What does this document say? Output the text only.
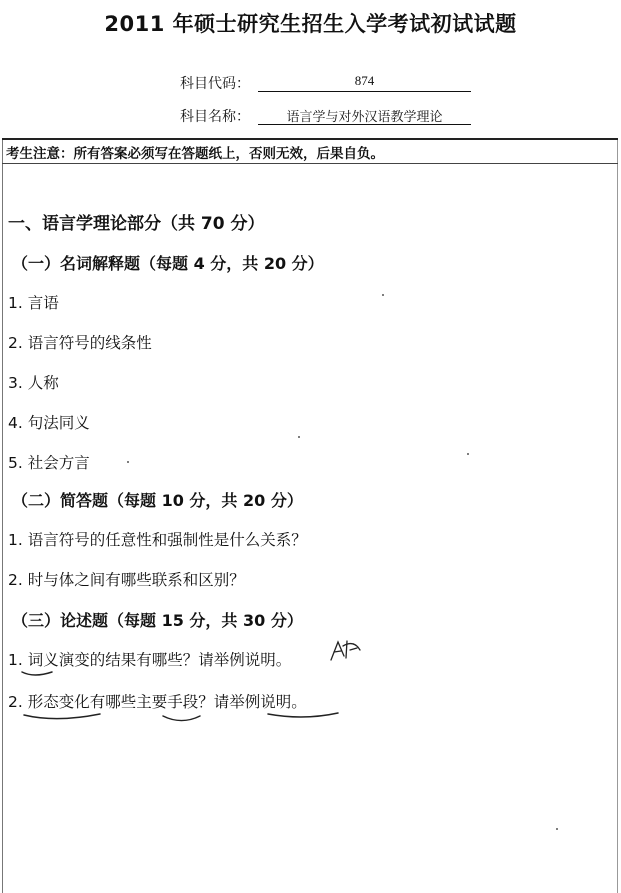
2011 年硕士研究生招生入学考试初试试题
科目代码：	874
科目名称：	语言学与对外汉语教学理论
考生注意：所有答案必须写在答题纸上，否则无效，后果自负。
一、语言学理论部分（共 70 分）
（一）名词解释题（每题 4 分，共 20 分）
1. 言语
2. 语言符号的线条性
3. 人称
4. 句法同义
5. 社会方言
（二）简答题（每题 10 分，共 20 分）
1. 语言符号的任意性和强制性是什么关系？
2. 时与体之间有哪些联系和区别？
（三）论述题（每题 15 分，共 30 分）
1. 词义演变的结果有哪些？请举例说明。
2. 形态变化有哪些主要手段？请举例说明。
